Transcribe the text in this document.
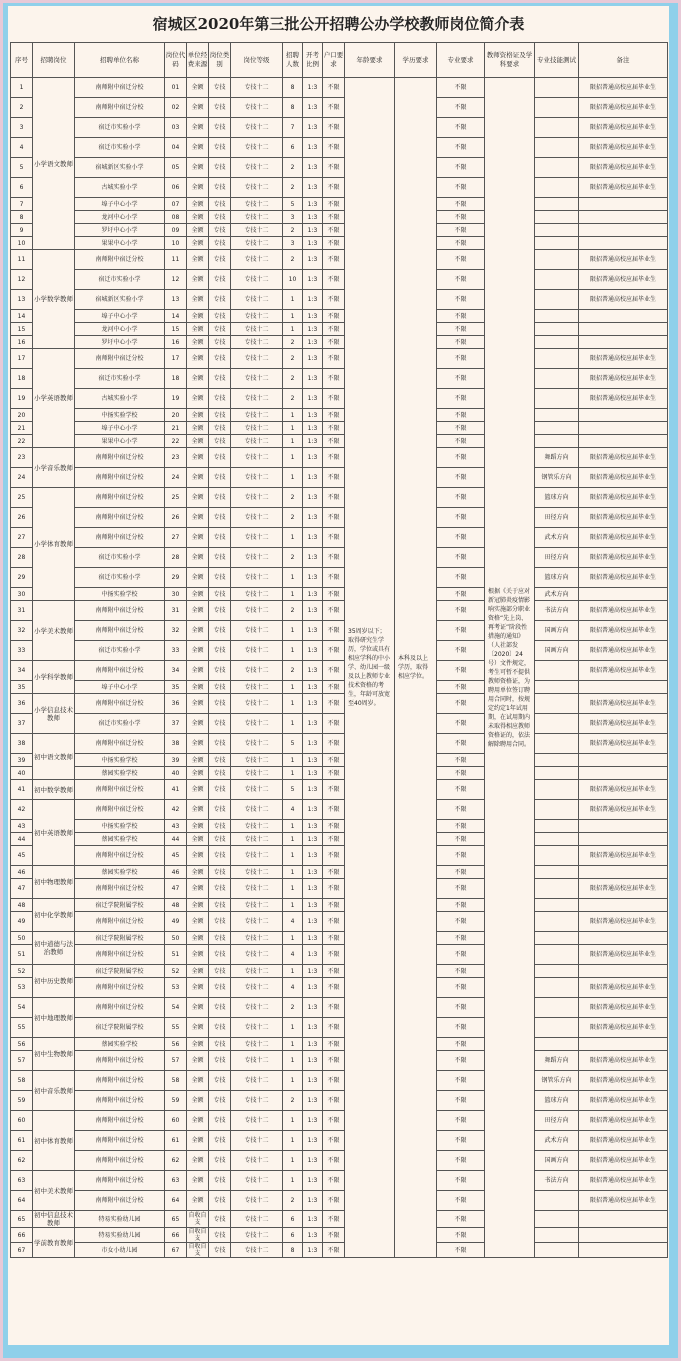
宿城区2020年第三批公开招聘公办学校教师岗位简介表
序号	招聘岗位	招聘单位名称	岗位代码	单位经费来源	岗位类别	岗位等级	招聘人数	开考比例	户口要求	年龄要求	学历要求	专业要求	教师资格证及学科要求	专业技能测试	备注
1	小学语文教师	南师附中宿迁分校	01	全额	专技	专技十二	8	1:3	不限	35周岁以下；取得研究生学历，学位或具有相应学科的中小学、幼儿园一级及以上教师专业技术资格的考生，年龄可放宽至40周岁。	本科及以上学历，取得相应学位。	不限	根据《关于应对新冠肺炎疫情影响实施部分职业资格“先上岗、再考证”阶段性措施的通知》（人社部发〔2020〕24号）文件规定，考生可暂不提供教师资格证，为聘用单位签订聘用合同时，按规定约定1年试用期，在试用期内未取得相应教师资格证的，依法解除聘用合同。		限招普通高校应届毕业生
2		南师附中宿迁分校	02	全额	专技	专技十二	8	1:3	不限			不限			限招普通高校应届毕业生
3		宿迁市实验小学	03	全额	专技	专技十二	7	1:3	不限			不限			限招普通高校应届毕业生
4		宿迁市实验小学	04	全额	专技	专技十二	6	1:3	不限			不限			限招普通高校应届毕业生
5		宿城新区实验小学	05	全额	专技	专技十二	2	1:3	不限			不限			限招普通高校应届毕业生
6		古城实验小学	06	全额	专技	专技十二	2	1:3	不限			不限			限招普通高校应届毕业生
7		埠子中心小学	07	全额	专技	专技十二	5	1:3	不限			不限			
8		龙河中心小学	08	全额	专技	专技十二	3	1:3	不限			不限			
9		罗圩中心小学	09	全额	专技	专技十二	2	1:3	不限			不限			
10		果果中心小学	10	全额	专技	专技十二	3	1:3	不限			不限			
11	小学数学教师	南师附中宿迁分校	11	全额	专技	专技十二	2	1:3	不限			不限			限招普通高校应届毕业生
12		宿迁市实验小学	12	全额	专技	专技十二	10	1:3	不限			不限			限招普通高校应届毕业生
13		宿城新区实验小学	13	全额	专技	专技十二	1	1:3	不限			不限			限招普通高校应届毕业生
14		埠子中心小学	14	全额	专技	专技十二	1	1:3	不限			不限			
15		龙河中心小学	15	全额	专技	专技十二	1	1:3	不限			不限			
16		罗圩中心小学	16	全额	专技	专技十二	2	1:3	不限			不限			
17	小学英语教师	南师附中宿迁分校	17	全额	专技	专技十二	2	1:3	不限			不限			限招普通高校应届毕业生
18		宿迁市实验小学	18	全额	专技	专技十二	2	1:3	不限			不限			限招普通高校应届毕业生
19		古城实验小学	19	全额	专技	专技十二	2	1:3	不限			不限			限招普通高校应届毕业生
20		中扬实验学校	20	全额	专技	专技十二	1	1:3	不限			不限			
21		埠子中心小学	21	全额	专技	专技十二	1	1:3	不限			不限			
22		果果中心小学	22	全额	专技	专技十二	1	1:3	不限			不限			
23	小学音乐教师	南师附中宿迁分校	23	全额	专技	专技十二	1	1:3	不限			不限		舞蹈方向	限招普通高校应届毕业生
24		南师附中宿迁分校	24	全额	专技	专技十二	1	1:3	不限			不限		钢管乐方向	限招普通高校应届毕业生
25	小学体育教师	南师附中宿迁分校	25	全额	专技	专技十二	2	1:3	不限			不限		篮球方向	限招普通高校应届毕业生
26		南师附中宿迁分校	26	全额	专技	专技十二	2	1:3	不限			不限		田径方向	限招普通高校应届毕业生
27		南师附中宿迁分校	27	全额	专技	专技十二	1	1:3	不限			不限		武术方向	限招普通高校应届毕业生
28		宿迁市实验小学	28	全额	专技	专技十二	2	1:3	不限			不限		田径方向	限招普通高校应届毕业生
29		宿迁市实验小学	29	全额	专技	专技十二	1	1:3	不限			不限		篮球方向	限招普通高校应届毕业生
30		中扬实验学校	30	全额	专技	专技十二	1	1:3	不限			不限		武术方向	
31	小学美术教师	南师附中宿迁分校	31	全额	专技	专技十二	2	1:3	不限			不限		书法方向	限招普通高校应届毕业生
32		南师附中宿迁分校	32	全额	专技	专技十二	1	1:3	不限			不限		国画方向	限招普通高校应届毕业生
33		宿迁市实验小学	33	全额	专技	专技十二	1	1:3	不限			不限		国画方向	限招普通高校应届毕业生
34	小学科学教师	南师附中宿迁分校	34	全额	专技	专技十二	2	1:3	不限			不限			限招普通高校应届毕业生
35		埠子中心小学	35	全额	专技	专技十二	1	1:3	不限			不限			
36	小学信息技术教师	南师附中宿迁分校	36	全额	专技	专技十二	1	1:3	不限			不限			限招普通高校应届毕业生
37		宿迁市实验小学	37	全额	专技	专技十二	1	1:3	不限			不限			限招普通高校应届毕业生
38	初中语文教师	南师附中宿迁分校	38	全额	专技	专技十二	5	1:3	不限			不限			限招普通高校应届毕业生
39		中扬实验学校	39	全额	专技	专技十二	1	1:3	不限			不限			
40		蔡园实验学校	40	全额	专技	专技十二	1	1:3	不限			不限			
41	初中数学教师	南师附中宿迁分校	41	全额	专技	专技十二	5	1:3	不限			不限			限招普通高校应届毕业生
42	初中英语教师	南师附中宿迁分校	42	全额	专技	专技十二	4	1:3	不限			不限			限招普通高校应届毕业生
43		中扬实验学校	43	全额	专技	专技十二	1	1:3	不限			不限			
44		蔡园实验学校	44	全额	专技	专技十二	1	1:3	不限			不限			
45		南师附中宿迁分校	45	全额	专技	专技十二	1	1:3	不限			不限			限招普通高校应届毕业生
46	初中物理教师	蔡园实验学校	46	全额	专技	专技十二	1	1:3	不限			不限			
47		南师附中宿迁分校	47	全额	专技	专技十二	1	1:3	不限			不限			限招普通高校应届毕业生
48	初中化学教师	宿迁学院附属学校	48	全额	专技	专技十二	1	1:3	不限			不限			
49		南师附中宿迁分校	49	全额	专技	专技十二	4	1:3	不限			不限			限招普通高校应届毕业生
50	初中道德与法治教师	宿迁学院附属学校	50	全额	专技	专技十二	1	1:3	不限			不限			
51		南师附中宿迁分校	51	全额	专技	专技十二	4	1:3	不限			不限			限招普通高校应届毕业生
52	初中历史教师	宿迁学院附属学校	52	全额	专技	专技十二	1	1:3	不限			不限			
53		南师附中宿迁分校	53	全额	专技	专技十二	4	1:3	不限			不限			限招普通高校应届毕业生
54	初中地理教师	南师附中宿迁分校	54	全额	专技	专技十二	2	1:3	不限			不限			限招普通高校应届毕业生
55		宿迁学院附属学校	55	全额	专技	专技十二	1	1:3	不限			不限			限招普通高校应届毕业生
56	初中生物教师	蔡园实验学校	56	全额	专技	专技十二	1	1:3	不限			不限			
57		南师附中宿迁分校	57	全额	专技	专技十二	1	1:3	不限			不限		舞蹈方向	限招普通高校应届毕业生
58	初中音乐教师	南师附中宿迁分校	58	全额	专技	专技十二	1	1:3	不限			不限		钢管乐方向	限招普通高校应届毕业生
59		南师附中宿迁分校	59	全额	专技	专技十二	2	1:3	不限			不限		篮球方向	限招普通高校应届毕业生
60	初中体育教师	南师附中宿迁分校	60	全额	专技	专技十二	1	1:3	不限			不限		田径方向	限招普通高校应届毕业生
61		南师附中宿迁分校	61	全额	专技	专技十二	1	1:3	不限			不限		武术方向	限招普通高校应届毕业生
62		南师附中宿迁分校	62	全额	专技	专技十二	1	1:3	不限			不限		国画方向	限招普通高校应届毕业生
63	初中美术教师	南师附中宿迁分校	63	全额	专技	专技十二	1	1:3	不限			不限		书法方向	限招普通高校应届毕业生
64		南师附中宿迁分校	64	全额	专技	专技十二	2	1:3	不限			不限			限招普通高校应届毕业生
65	初中信息技术教师	特易实验幼儿园	65	自收自支	专技	专技十二	6	1:3	不限			不限			
66	学前教育教师	特易实验幼儿园	66	自收自支	专技	专技十二	6	1:3	不限			不限			
67		市女小幼儿园	67	自收自支	专技	专技十二	8	1:3	不限			不限			
